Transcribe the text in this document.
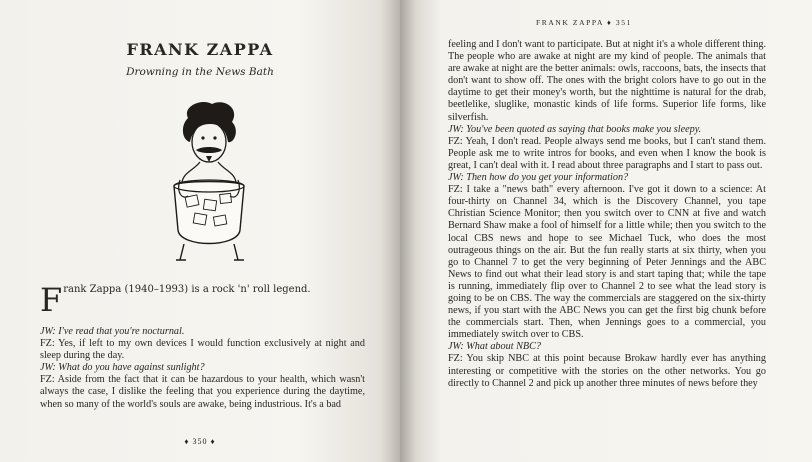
FRANK ZAPPA
Drowning in the News Bath
Frank Zappa (1940–1993) is a rock 'n' roll legend.

JW: I've read that you're nocturnal.

FZ: Yes, if left to my own devices I would function exclusively at night and sleep during the day.

JW: What do you have against sunlight?

FZ: Aside from the fact that it can be hazardous to your health, which wasn't always the case, I dislike the feeling that you experience during the daytime, when so many of the world's souls are awake, being industrious. It's a bad

♦ 350 ♦
FRANK ZAPPA ♦ 351

feeling and I don't want to participate. But at night it's a whole different thing. The people who are awake at night are my kind of people. The animals that are awake at night are the better animals: owls, raccoons, bats, the insects that don't want to show off. The ones with the bright colors have to go out in the daytime to get their money's worth, but the nighttime is natural for the drab, beetlelike, sluglike, monastic kinds of life forms. Superior life forms, like silverfish.

JW: You've been quoted as saying that books make you sleepy.

FZ: Yeah, I don't read. People always send me books, but I can't stand them. People ask me to write intros for books, and even when I know the book is great, I can't deal with it. I read about three paragraphs and I start to pass out.

JW: Then how do you get your information?

FZ: I take a "news bath" every afternoon. I've got it down to a science: At four-thirty on Channel 34, which is the Discovery Channel, you tape Christian Science Monitor; then you switch over to CNN at five and watch Bernard Shaw make a fool of himself for a little while; then you switch to the local CBS news and hope to see Michael Tuck, who does the most outrageous things on the air. But the fun really starts at six thirty, when you go to Channel 7 to get the very beginning of Peter Jennings and the ABC News to find out what their lead story is and start taping that; while the tape is running, immediately flip over to Channel 2 to see what the lead story is going to be on CBS. The way the commercials are staggered on the six-thirty news, if you start with the ABC News you can get the first big chunk before the commercials start. Then, when Jennings goes to a commercial, you immediately switch over to CBS.

JW: What about NBC?

FZ: You skip NBC at this point because Brokaw hardly ever has anything interesting or competitive with the stories on the other networks. You go directly to Channel 2 and pick up another three minutes of news before they
